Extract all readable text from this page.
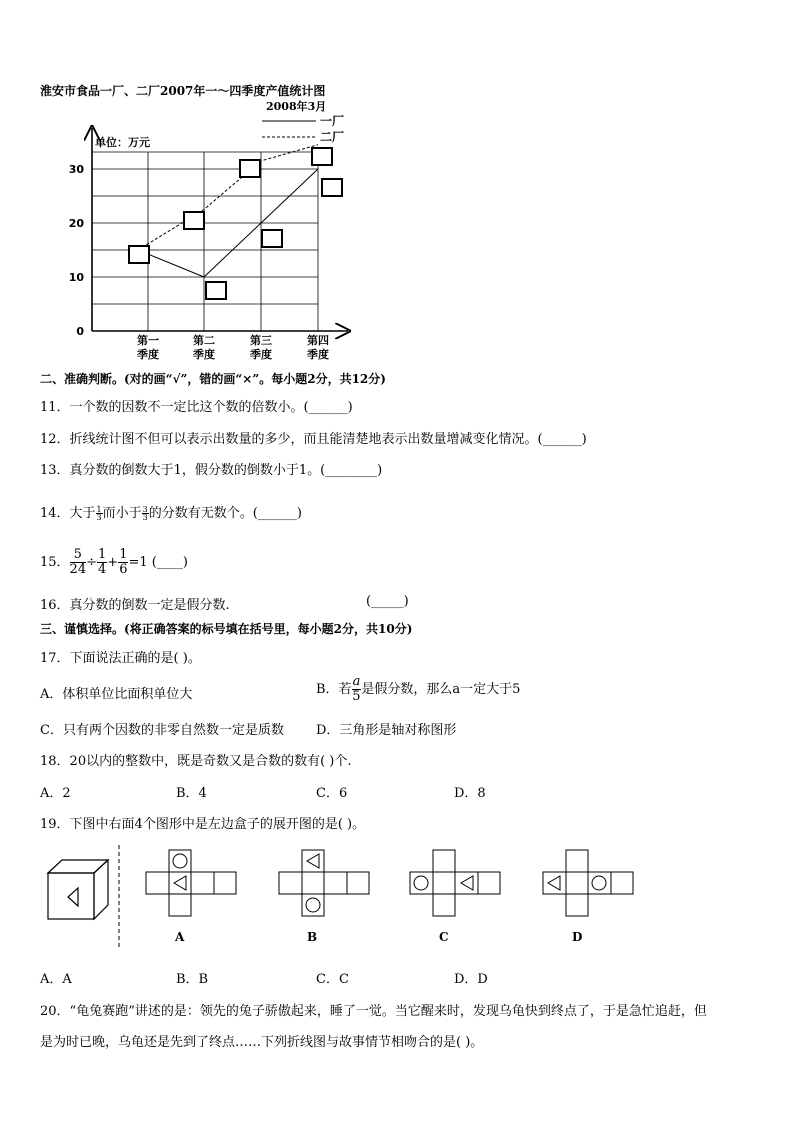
淮安市食品一厂、二厂2007年一～四季度产值统计图
2008年3月
单位：万元
0
10
20
30
第一
季度
第二
季度
第三
季度
第四
季度
一厂
二厂
二、准确判断。(对的画“√”，错的画“×”。每小题2分，共12分)
11．一个数的因数不一定比这个数的倍数小。(______)
12．折线统计图不但可以表示出数量的多少，而且能清楚地表示出数量增减变化情况。(______)
13．真分数的倒数大于1，假分数的倒数小于1。(________)
14．大于 $\frac{1}{3}$ 而小于 $\frac{3}{3}$ 的分数有无数个。(______)
15． $\frac{5}{24} \div \frac{1}{4} + \frac{1}{6} =1$ (____)
16．真分数的倒数一定是假分数.	(_____)
三、谨慎选择。(将正确答案的标号填在括号里，每小题2分，共10分)
17．下面说法正确的是( )。
A．体积单位比面积单位大	B．若 $\frac{a}{5}$ 是假分数，那么a一定大于5
C．只有两个因数的非零自然数一定是质数 D．三角形是轴对称图形
18．20以内的整数中，既是奇数又是合数的数有( )个.
A．2	B．4	C．6	D．8
19．下图中右面4个图形中是左边盒子的展开图的是( )。
A	B	C	D
A．A	B．B	C．C	D．D
20．“龟兔赛跑”讲述的是：领先的兔子骄傲起来，睡了一觉。当它醒来时，发现乌龟快到终点了，于是急忙追赶，但
是为时已晚，乌龟还是先到了终点……下列折线图与故事情节相吻合的是( )。
